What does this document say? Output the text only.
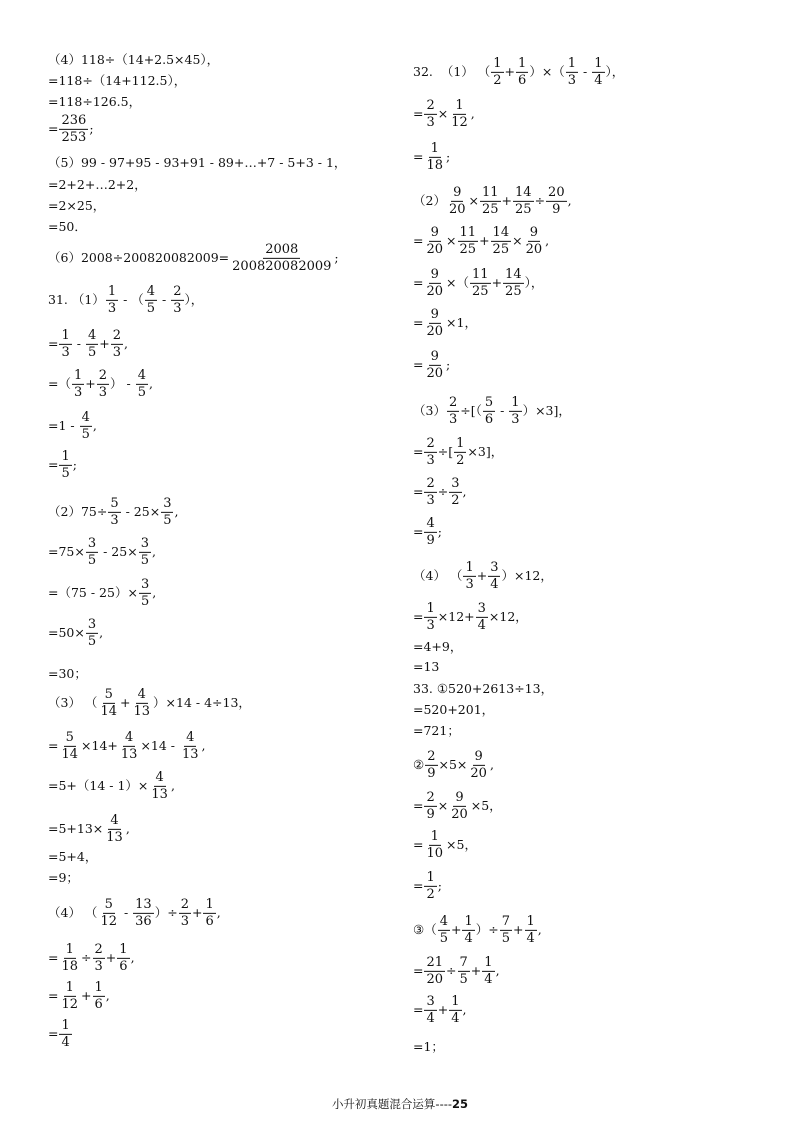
（4）118÷（14+2.5×45），
=118÷（14+112.5），
=118÷126.5，
= $\frac{236}{253}$ ;
（5）99 - 97+95 - 93+91 - 89+…+7 - 5+3 - 1，
=2+2+…2+2，
=2×25，
=50．
$(6)2008\div 200820082009= \frac{2008}{200820082009}$ ;
31. $(1) \frac{1}{3}$ - （ $\frac{4}{5} - \frac{2}{3}$ ），
= $\frac{1}{3} - \frac{4}{5} + \frac{2}{3}$ ,
=（ $\frac{1}{3} + \frac{2}{3}$ ） - $\frac{4}{5}$ ,
$=1 - \frac{4}{5}$ ,
= $\frac{1}{5}$ ;
$(2)75\div \frac{5}{3} - 25\times \frac{3}{5}$ ,
$=75\times \frac{3}{5} - 25\times \frac{3}{5}$ ,
$=(75 - 25)\times \frac{3}{5}$ ,
$=50\times \frac{3}{5}$ ,
=30；
（3） （ $\frac{5}{14} + \frac{4}{13} )\times 14 - 4\div 13$，
= $\frac{5}{14} \times 14+ \frac{4}{13} \times 14 - \frac{4}{13}$ ,
$=5+(14 - 1)\times \frac{4}{13}$ ,
$=5+13\times \frac{4}{13}$ ,
=5+4，
=9；
（4） （ $\frac{5}{12} - \frac{13}{36}$ ）÷ $\frac{2}{3} + \frac{1}{6}$ ,
= $\frac{1}{18} \div \frac{2}{3} + \frac{1}{6}$ ,
= $\frac{1}{12} + \frac{1}{6}$ ,
= $\frac{1}{4}$
32.  （1） （ $\frac{1}{2} + \frac{1}{6}$ ）×（ $\frac{1}{3} - \frac{1}{4}$ ），
= $\frac{2}{3} \times \frac{1}{12}$ ,
= $\frac{1}{18}$ ;
$(2) \frac{9}{20} \times \frac{11}{25} + \frac{14}{25} \div \frac{20}{9}$ ,
= $\frac{9}{20} \times \frac{11}{25} + \frac{14}{25} \times \frac{9}{20}$ ,
= $\frac{9}{20}$ ×（ $\frac{11}{25} + \frac{14}{25}$ ），
= $\frac{9}{20} \times 1$，
= $\frac{9}{20}$ ;
$(3) \frac{2}{3}$ ÷[（ $\frac{5}{6} - \frac{1}{3} )\times 3$]，
= $\frac{2}{3}$ ÷[ $\frac{1}{2} \times 3$]，
= $\frac{2}{3} \div \frac{3}{2}$ ,
= $\frac{4}{9}$ ;
（4） （ $\frac{1}{3} + \frac{3}{4} )\times 12$，
= $\frac{1}{3} \times 12+ \frac{3}{4} \times 12$，
=4+9，
=13
33. ①520+2613÷13，
=520+201，
=721；
② $\frac{2}{9} \times 5\times \frac{9}{20}$ ,
= $\frac{2}{9} \times \frac{9}{20} \times 5$，
= $\frac{1}{10} \times 5$，
= $\frac{1}{2}$ ;
③（ $\frac{4}{5} + \frac{1}{4}$ ）÷ $\frac{7}{5} + \frac{1}{4}$ ,
= $\frac{21}{20} \div \frac{7}{5} + \frac{1}{4}$ ,
= $\frac{3}{4} + \frac{1}{4}$ ,
=1；
小升初真题混合运算----25
